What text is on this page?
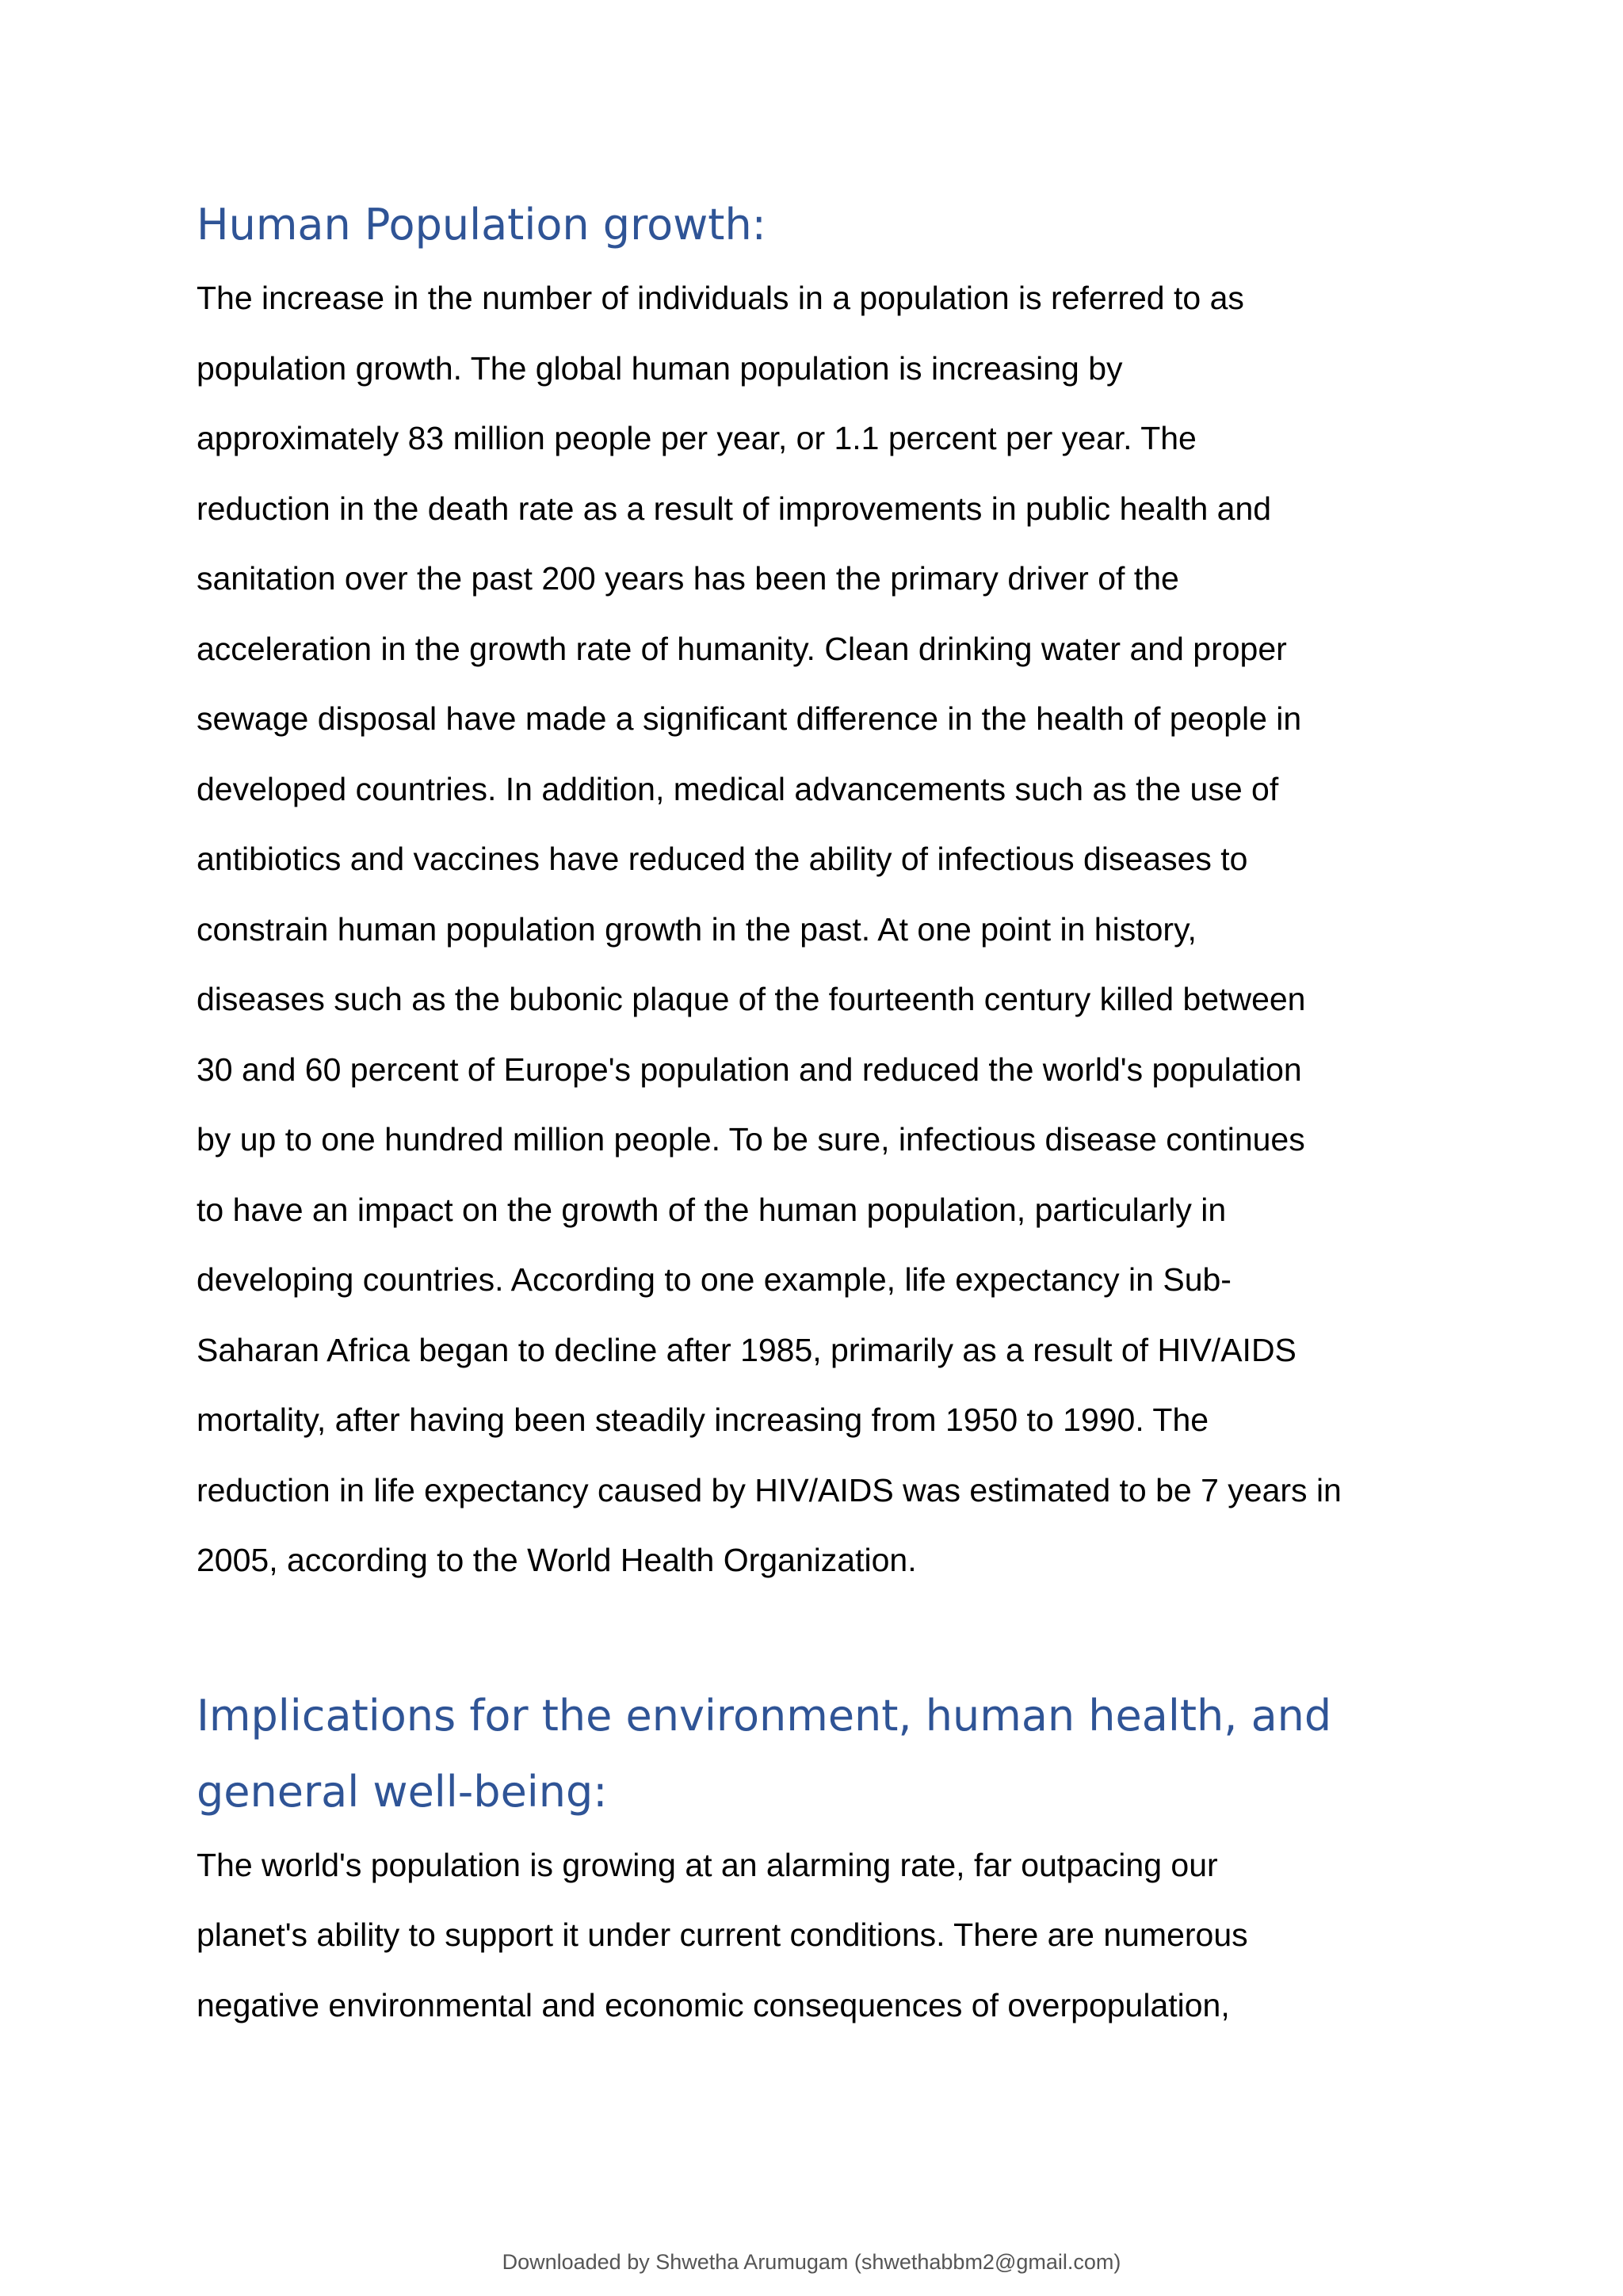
Human Population growth:

The increase in the number of individuals in a population is referred to as
population growth. The global human population is increasing by
approximately 83 million people per year, or 1.1 percent per year. The
reduction in the death rate as a result of improvements in public health and
sanitation over the past 200 years has been the primary driver of the
acceleration in the growth rate of humanity. Clean drinking water and proper
sewage disposal have made a significant difference in the health of people in
developed countries. In addition, medical advancements such as the use of
antibiotics and vaccines have reduced the ability of infectious diseases to
constrain human population growth in the past. At one point in history,
diseases such as the bubonic plaque of the fourteenth century killed between
30 and 60 percent of Europe's population and reduced the world's population
by up to one hundred million people. To be sure, infectious disease continues
to have an impact on the growth of the human population, particularly in
developing countries. According to one example, life expectancy in Sub-
Saharan Africa began to decline after 1985, primarily as a result of HIV/AIDS
mortality, after having been steadily increasing from 1950 to 1990. The
reduction in life expectancy caused by HIV/AIDS was estimated to be 7 years in
2005, according to the World Health Organization.

Implications for the environment, human health, and
general well-being:

The world's population is growing at an alarming rate, far outpacing our
planet's ability to support it under current conditions. There are numerous
negative environmental and economic consequences of overpopulation,

Downloaded by Shwetha Arumugam (shwethabbm2@gmail.com)
